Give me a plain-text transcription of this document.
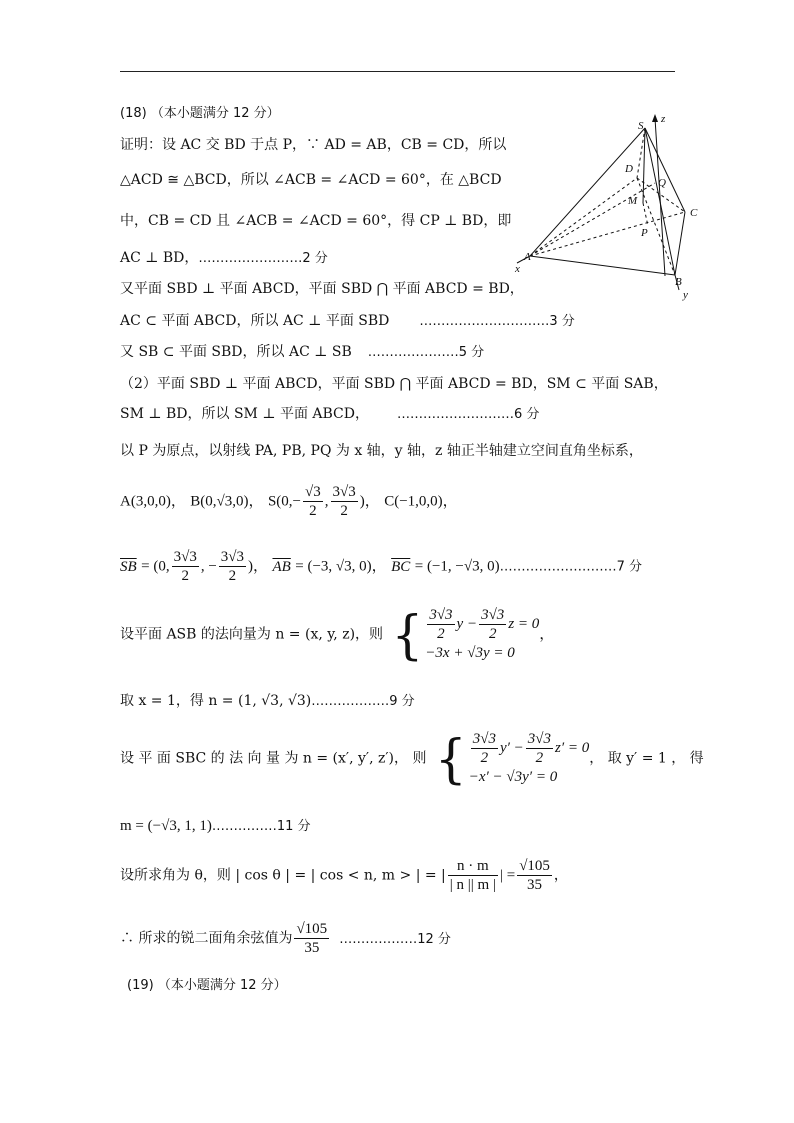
S
z
D
Q
M
C
P
A
x
B
y
(18) （本小题满分 12 分）
证明：设 AC 交 BD 于点 P，∵ AD = AB，CB = CD，所以
△ACD ≅ △BCD，所以 ∠ACB = ∠ACD = 60°，在 △BCD
中，CB = CD 且 ∠ACB = ∠ACD = 60°，得 CP ⊥ BD，即
AC ⊥ BD，……………………2 分
又平面 SBD ⊥ 平面 ABCD，平面 SBD ⋂ 平面 ABCD = BD，
AC ⊂ 平面 ABCD，所以 AC ⊥ 平面 SBD …………………………3 分
又 SB ⊂ 平面 SBD，所以 AC ⊥ SB …………………5 分
（2）平面 SBD ⊥ 平面 ABCD，平面 SBD ⋂ 平面 ABCD = BD，SM ⊂ 平面 SAB，
SM ⊥ BD，所以 SM ⊥ 平面 ABCD， ………………………6 分
以 P 为原点，以射线 PA, PB, PQ 为 x 轴，y 轴，z 轴正半轴建立空间直角坐标系，
A(3,0,0)， B(0,√3,0)， $S(0,- \frac{√3}{2}$ , $\frac{3√3}{2}$ )， C(−1,0,0)，
$\overline{SB} = (0$, $\frac{3√3}{2}$ , − $\frac{3√3}{2}$ )， $\overline{AB} = (-3$, √3, 0)， $\overline{BC} = (-1$, −√3, 0)………………………7 分
设平面 ASB 的法向量为 n = (x, y, z)，则 { $\frac{3√3}{2}$ $y - \frac{3√3}{2}$ z = 0
−3x + √3y = 0
，
取 x = 1，得 n = (1, √3, √3)………………9 分
设 平 面 SBC 的 法 向 量 为 n = (x′, y′, z′)， 则 { $\frac{3√3}{2} y' - \frac{3√3}{2} z' = 0$
−x′ − √3y′ = 0
， 取 y′ = 1 ， 得
m = (−√3, 1, 1)……………11 分
设所求角为 θ，则 | cos θ | = | cos < n, m > | = | $\frac{n \cdot m}{| n || m |}$ | = $\frac{√105}{35}$ ，
∴ 所求的锐二面角余弦值为 $\frac{√105}{35}$ ………………12 分
(19) （本小题满分 12 分）
